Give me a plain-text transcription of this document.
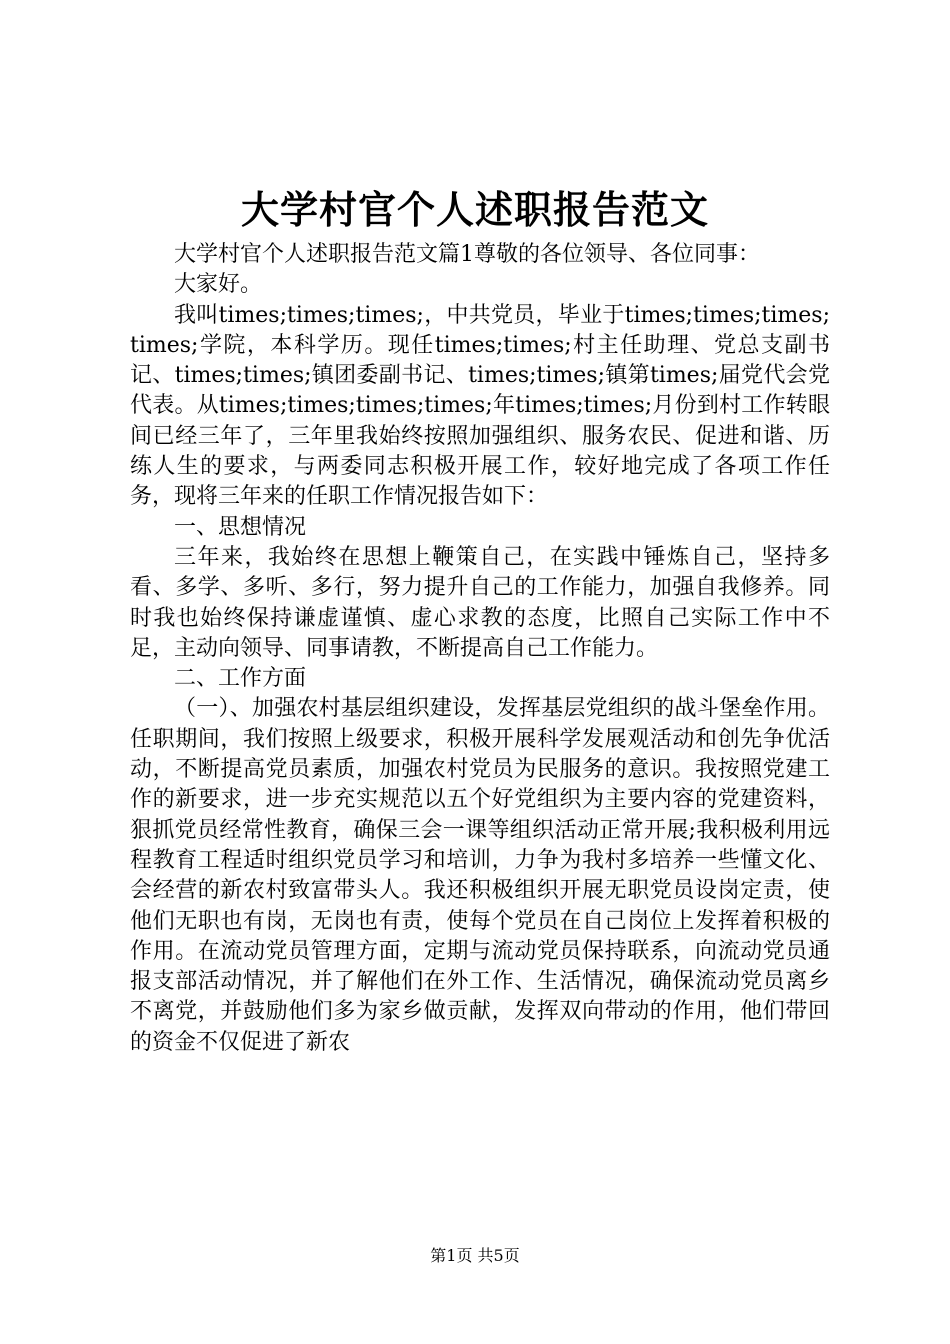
大学村官个人述职报告范文

大学村官个人述职报告范文篇1尊敬的各位领导、各位同事：

大家好。

我叫times;times;times;，中共党员，毕业于times;times;times;times;学院，本科学历。现任times;times;村主任助理、党总支副书记、times;times;镇团委副书记、times;times;镇第times;届党代会党代表。从times;times;times;times;年times;times;月份到村工作转眼间已经三年了，三年里我始终按照加强组织、服务农民、促进和谐、历练人生的要求，与两委同志积极开展工作，较好地完成了各项工作任务，现将三年来的任职工作情况报告如下：

一、思想情况

三年来，我始终在思想上鞭策自己，在实践中锤炼自己，坚持多看、多学、多听、多行，努力提升自己的工作能力，加强自我修养。同时我也始终保持谦虚谨慎、虚心求教的态度，比照自己实际工作中不足，主动向领导、同事请教，不断提高自己工作能力。

二、工作方面

（一）、加强农村基层组织建设，发挥基层党组织的战斗堡垒作用。任职期间，我们按照上级要求，积极开展科学发展观活动和创先争优活动，不断提高党员素质，加强农村党员为民服务的意识。我按照党建工作的新要求，进一步充实规范以五个好党组织为主要内容的党建资料，狠抓党员经常性教育，确保三会一课等组织活动正常开展;我积极利用远程教育工程适时组织党员学习和培训，力争为我村多培养一些懂文化、会经营的新农村致富带头人。我还积极组织开展无职党员设岗定责，使他们无职也有岗，无岗也有责，使每个党员在自己岗位上发挥着积极的作用。在流动党员管理方面，定期与流动党员保持联系，向流动党员通报支部活动情况，并了解他们在外工作、生活情况，确保流动党员离乡不离党，并鼓励他们多为家乡做贡献，发挥双向带动的作用，他们带回的资金不仅促进了新农

第1页 共5页
